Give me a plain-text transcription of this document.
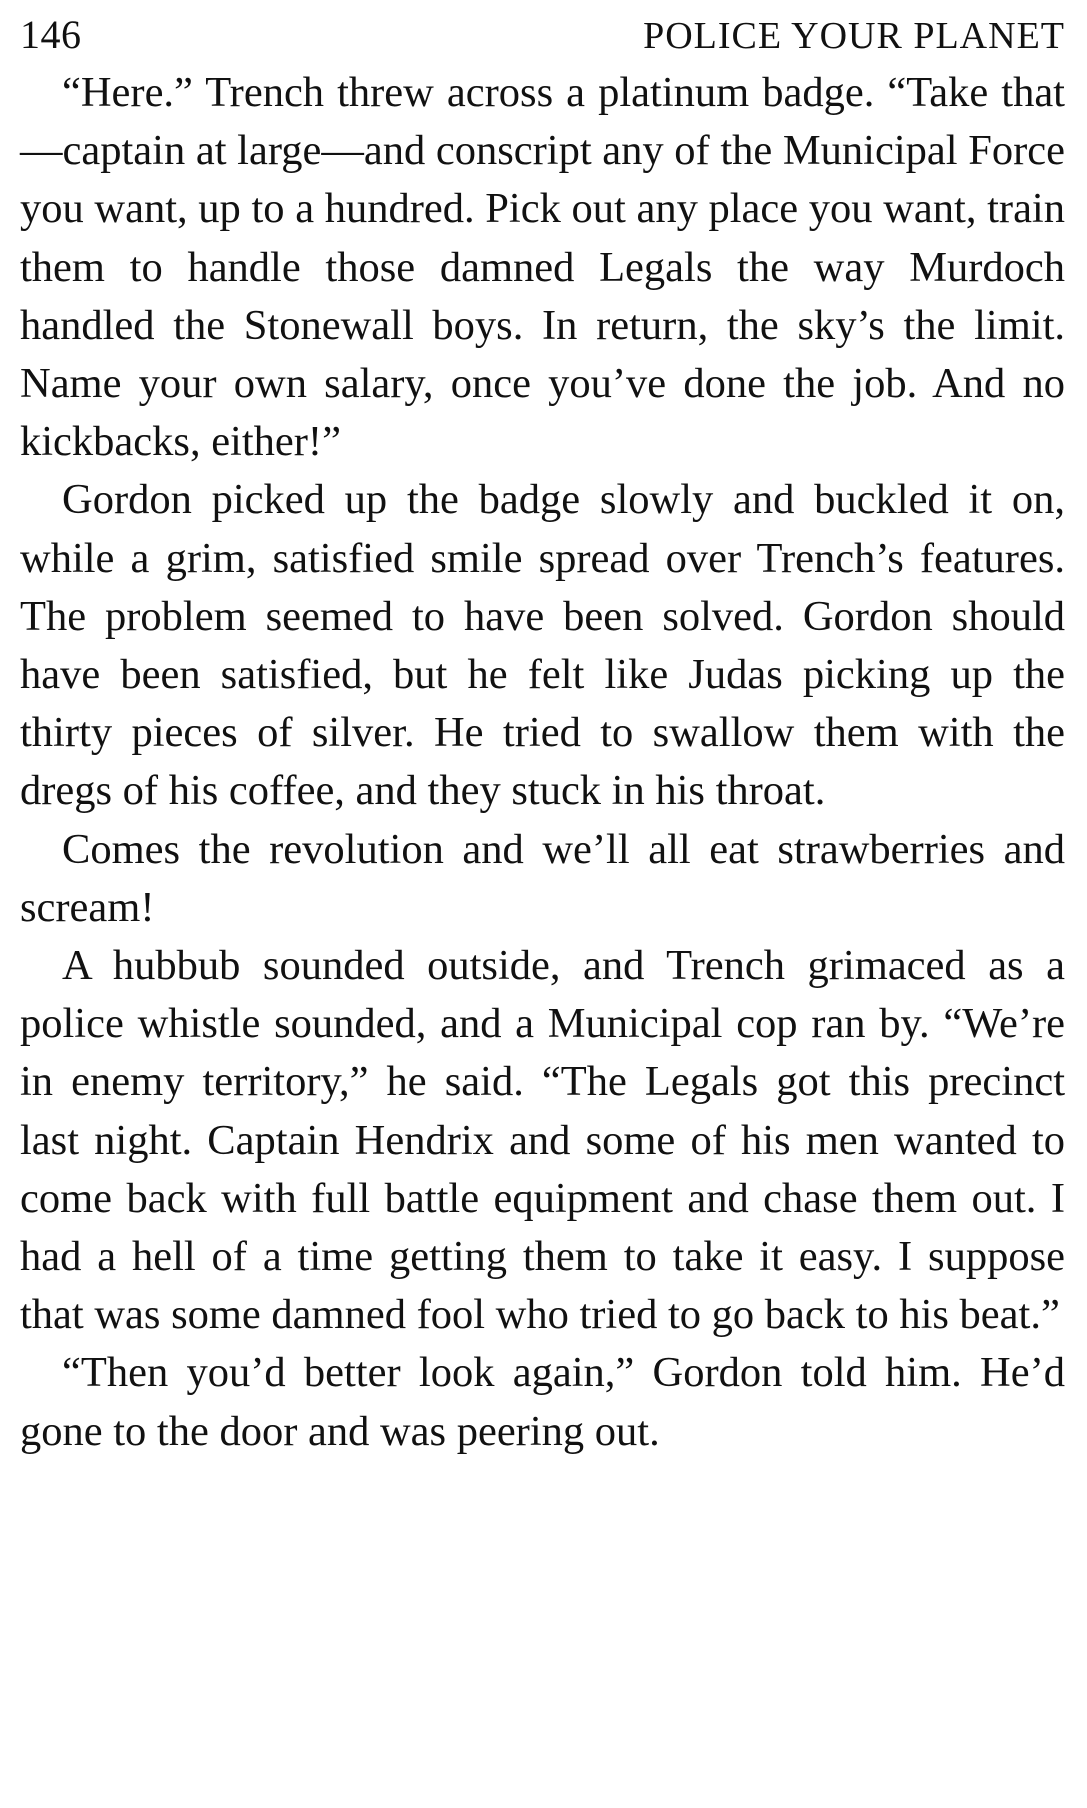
146	POLICE YOUR PLANET

“Here.” Trench threw across a platinum badge. “Take that—captain at large—and conscript any of the Municipal Force you want, up to a hundred. Pick out any place you want, train them to handle those damned Legals the way Murdoch handled the Stonewall boys. In return, the sky’s the limit. Name your own salary, once you’ve done the job. And no kickbacks, either!”

Gordon picked up the badge slowly and buckled it on, while a grim, satisfied smile spread over Trench’s features. The problem seemed to have been solved. Gordon should have been satisfied, but he felt like Judas picking up the thirty pieces of silver. He tried to swallow them with the dregs of his coffee, and they stuck in his throat.

Comes the revolution and we’ll all eat strawberries and scream!

A hubbub sounded outside, and Trench grimaced as a police whistle sounded, and a Municipal cop ran by. “We’re in enemy territory,” he said. “The Legals got this precinct last night. Captain Hendrix and some of his men wanted to come back with full battle equipment and chase them out. I had a hell of a time getting them to take it easy. I suppose that was some damned fool who tried to go back to his beat.”

“Then you’d better look again,” Gordon told him. He’d gone to the door and was peering out.
